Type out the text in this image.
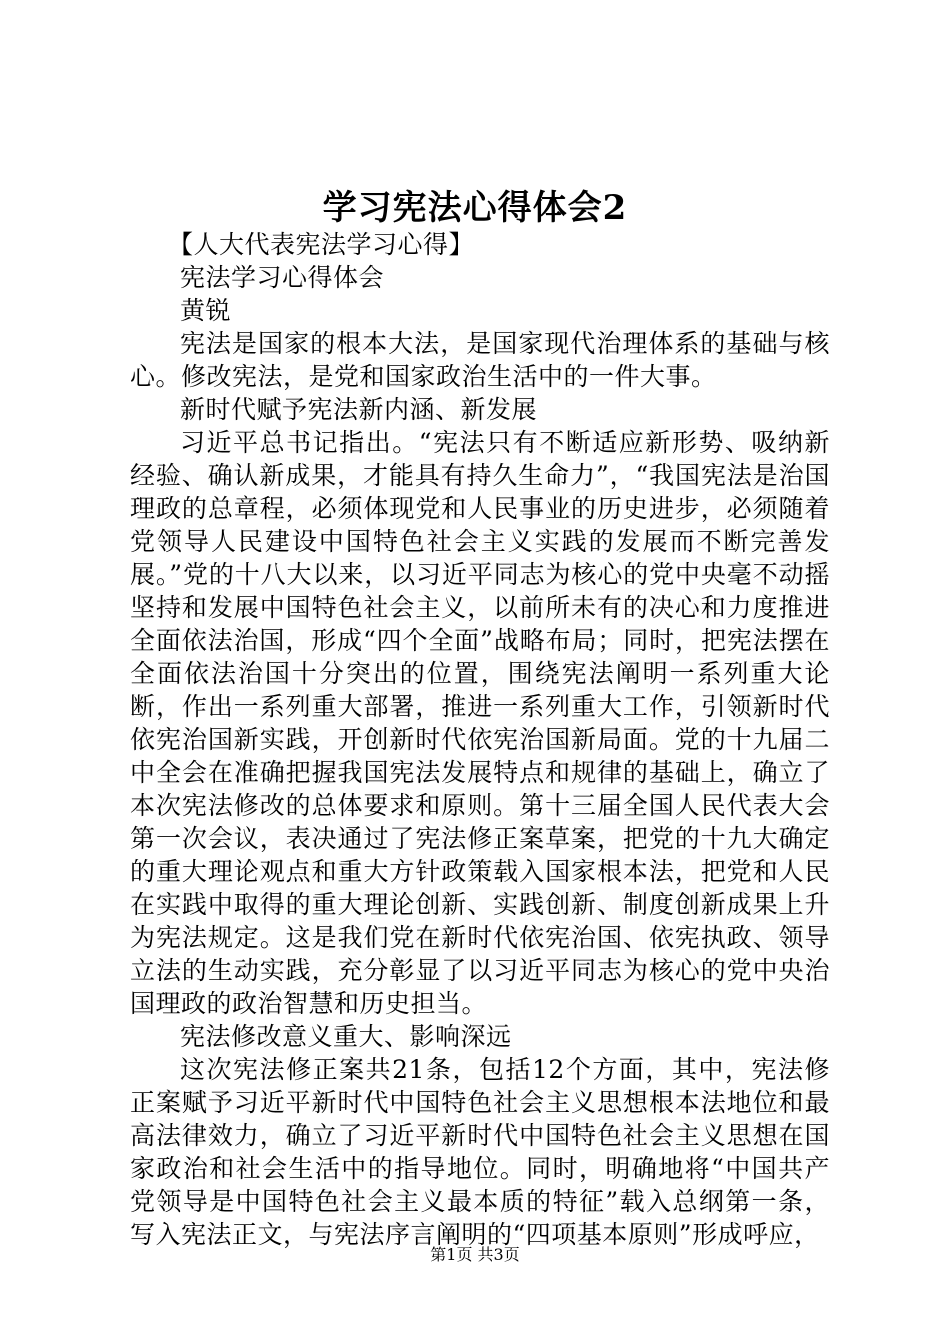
学习宪法心得体会2

【人大代表宪法学习心得】

宪法学习心得体会

黄锐

宪法是国家的根本大法，是国家现代治理体系的基础与核心。修改宪法，是党和国家政治生活中的一件大事。

新时代赋予宪法新内涵、新发展

习近平总书记指出。“宪法只有不断适应新形势、吸纳新经验、确认新成果，才能具有持久生命力”，“我国宪法是治国理政的总章程，必须体现党和人民事业的历史进步，必须随着党领导人民建设中国特色社会主义实践的发展而不断完善发展。”党的十八大以来，以习近平同志为核心的党中央毫不动摇坚持和发展中国特色社会主义，以前所未有的决心和力度推进全面依法治国，形成“四个全面”战略布局；同时，把宪法摆在全面依法治国十分突出的位置，围绕宪法阐明一系列重大论断，作出一系列重大部署，推进一系列重大工作，引领新时代依宪治国新实践，开创新时代依宪治国新局面。党的十九届二中全会在准确把握我国宪法发展特点和规律的基础上，确立了本次宪法修改的总体要求和原则。第十三届全国人民代表大会第一次会议，表决通过了宪法修正案草案，把党的十九大确定的重大理论观点和重大方针政策载入国家根本法，把党和人民在实践中取得的重大理论创新、实践创新、制度创新成果上升为宪法规定。这是我们党在新时代依宪治国、依宪执政、领导立法的生动实践，充分彰显了以习近平同志为核心的党中央治国理政的政治智慧和历史担当。

宪法修改意义重大、影响深远

这次宪法修正案共21条，包括12个方面，其中，宪法修正案赋予习近平新时代中国特色社会主义思想根本法地位和最高法律效力，确立了习近平新时代中国特色社会主义思想在国家政治和社会生活中的指导地位。同时，明确地将“中国共产党领导是中国特色社会主义最本质的特征”载入总纲第一条，写入宪法正文，与宪法序言阐明的“四项基本原则”形成呼应，

第1页 共3页
